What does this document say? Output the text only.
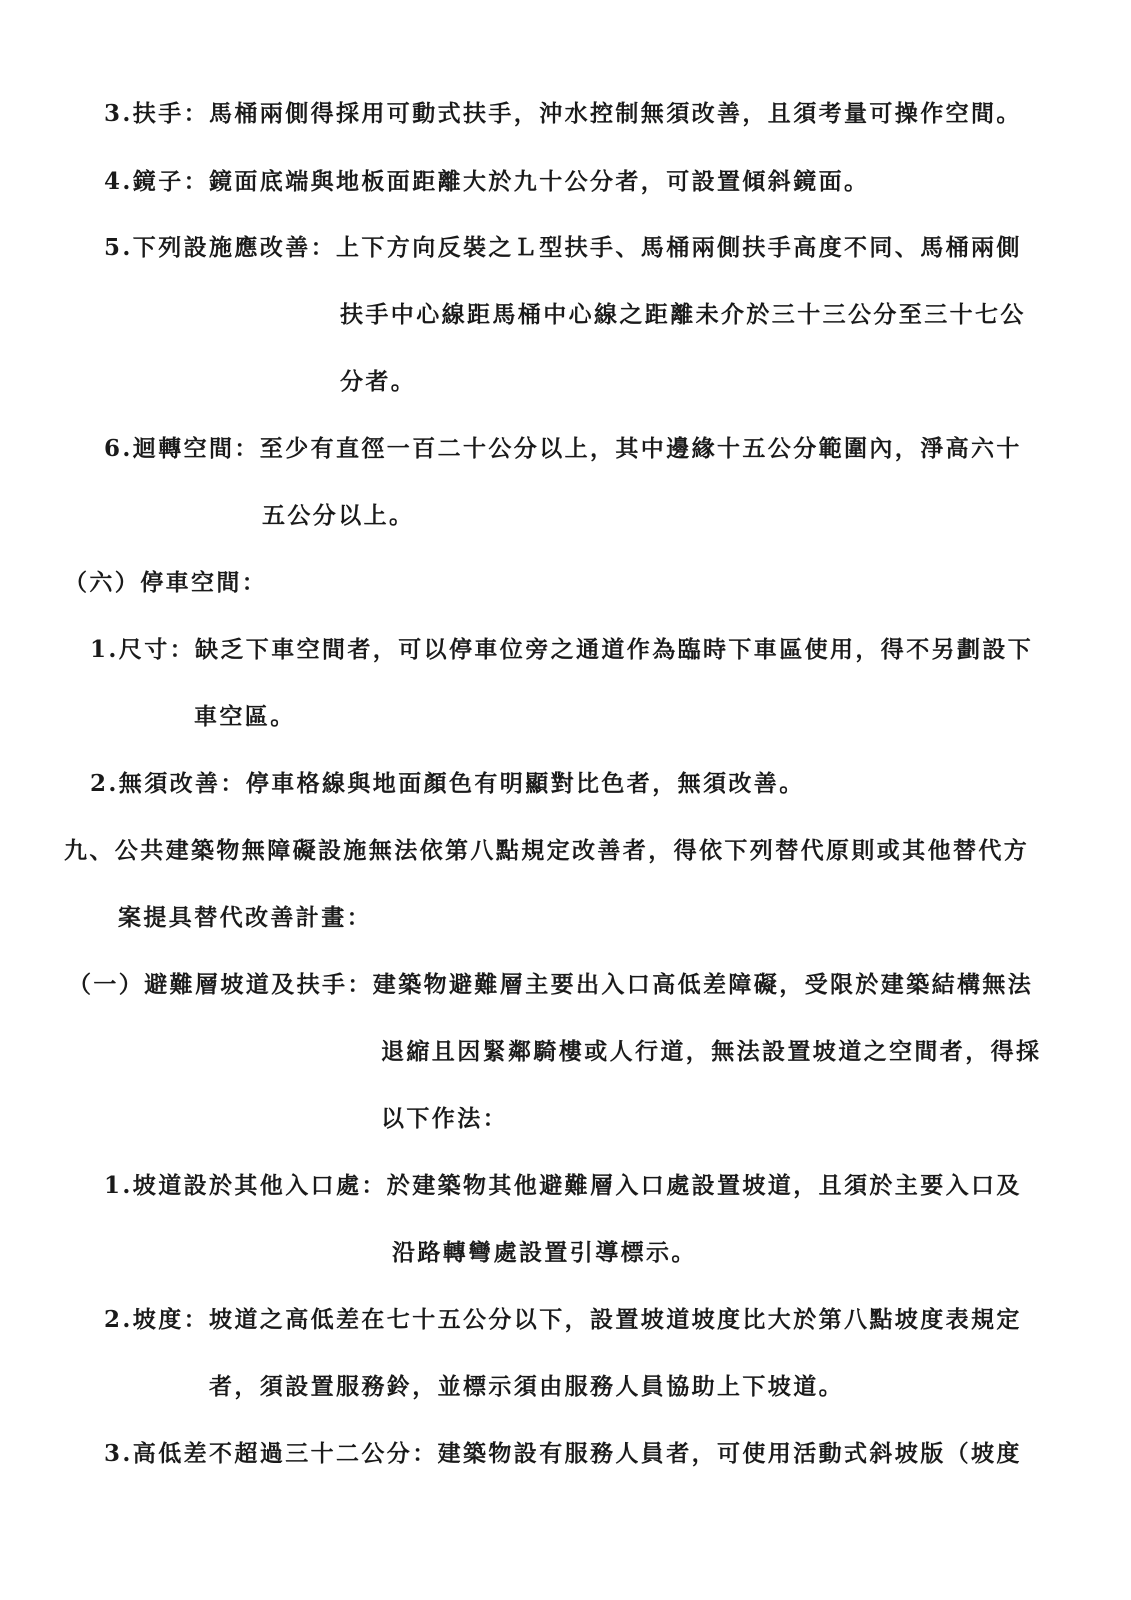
3.扶手：馬桶兩側得採用可動式扶手，沖水控制無須改善，且須考量可操作空間。
4.鏡子：鏡面底端與地板面距離大於九十公分者，可設置傾斜鏡面。
5.下列設施應改善：上下方向反裝之Ｌ型扶手、馬桶兩側扶手高度不同、馬桶兩側
扶手中心線距馬桶中心線之距離未介於三十三公分至三十七公
分者。
6.迴轉空間：至少有直徑一百二十公分以上，其中邊緣十五公分範圍內，淨高六十
五公分以上。
（六）停車空間：
1.尺寸：缺乏下車空間者，可以停車位旁之通道作為臨時下車區使用，得不另劃設下
車空區。
2.無須改善：停車格線與地面顏色有明顯對比色者，無須改善。
九、公共建築物無障礙設施無法依第八點規定改善者，得依下列替代原則或其他替代方
案提具替代改善計畫：
（一）避難層坡道及扶手：建築物避難層主要出入口高低差障礙，受限於建築結構無法
退縮且因緊鄰騎樓或人行道，無法設置坡道之空間者，得採
以下作法：
1.坡道設於其他入口處：於建築物其他避難層入口處設置坡道，且須於主要入口及
沿路轉彎處設置引導標示。
2.坡度：坡道之高低差在七十五公分以下，設置坡道坡度比大於第八點坡度表規定
者，須設置服務鈴，並標示須由服務人員協助上下坡道。
3.高低差不超過三十二公分：建築物設有服務人員者，可使用活動式斜坡版（坡度
